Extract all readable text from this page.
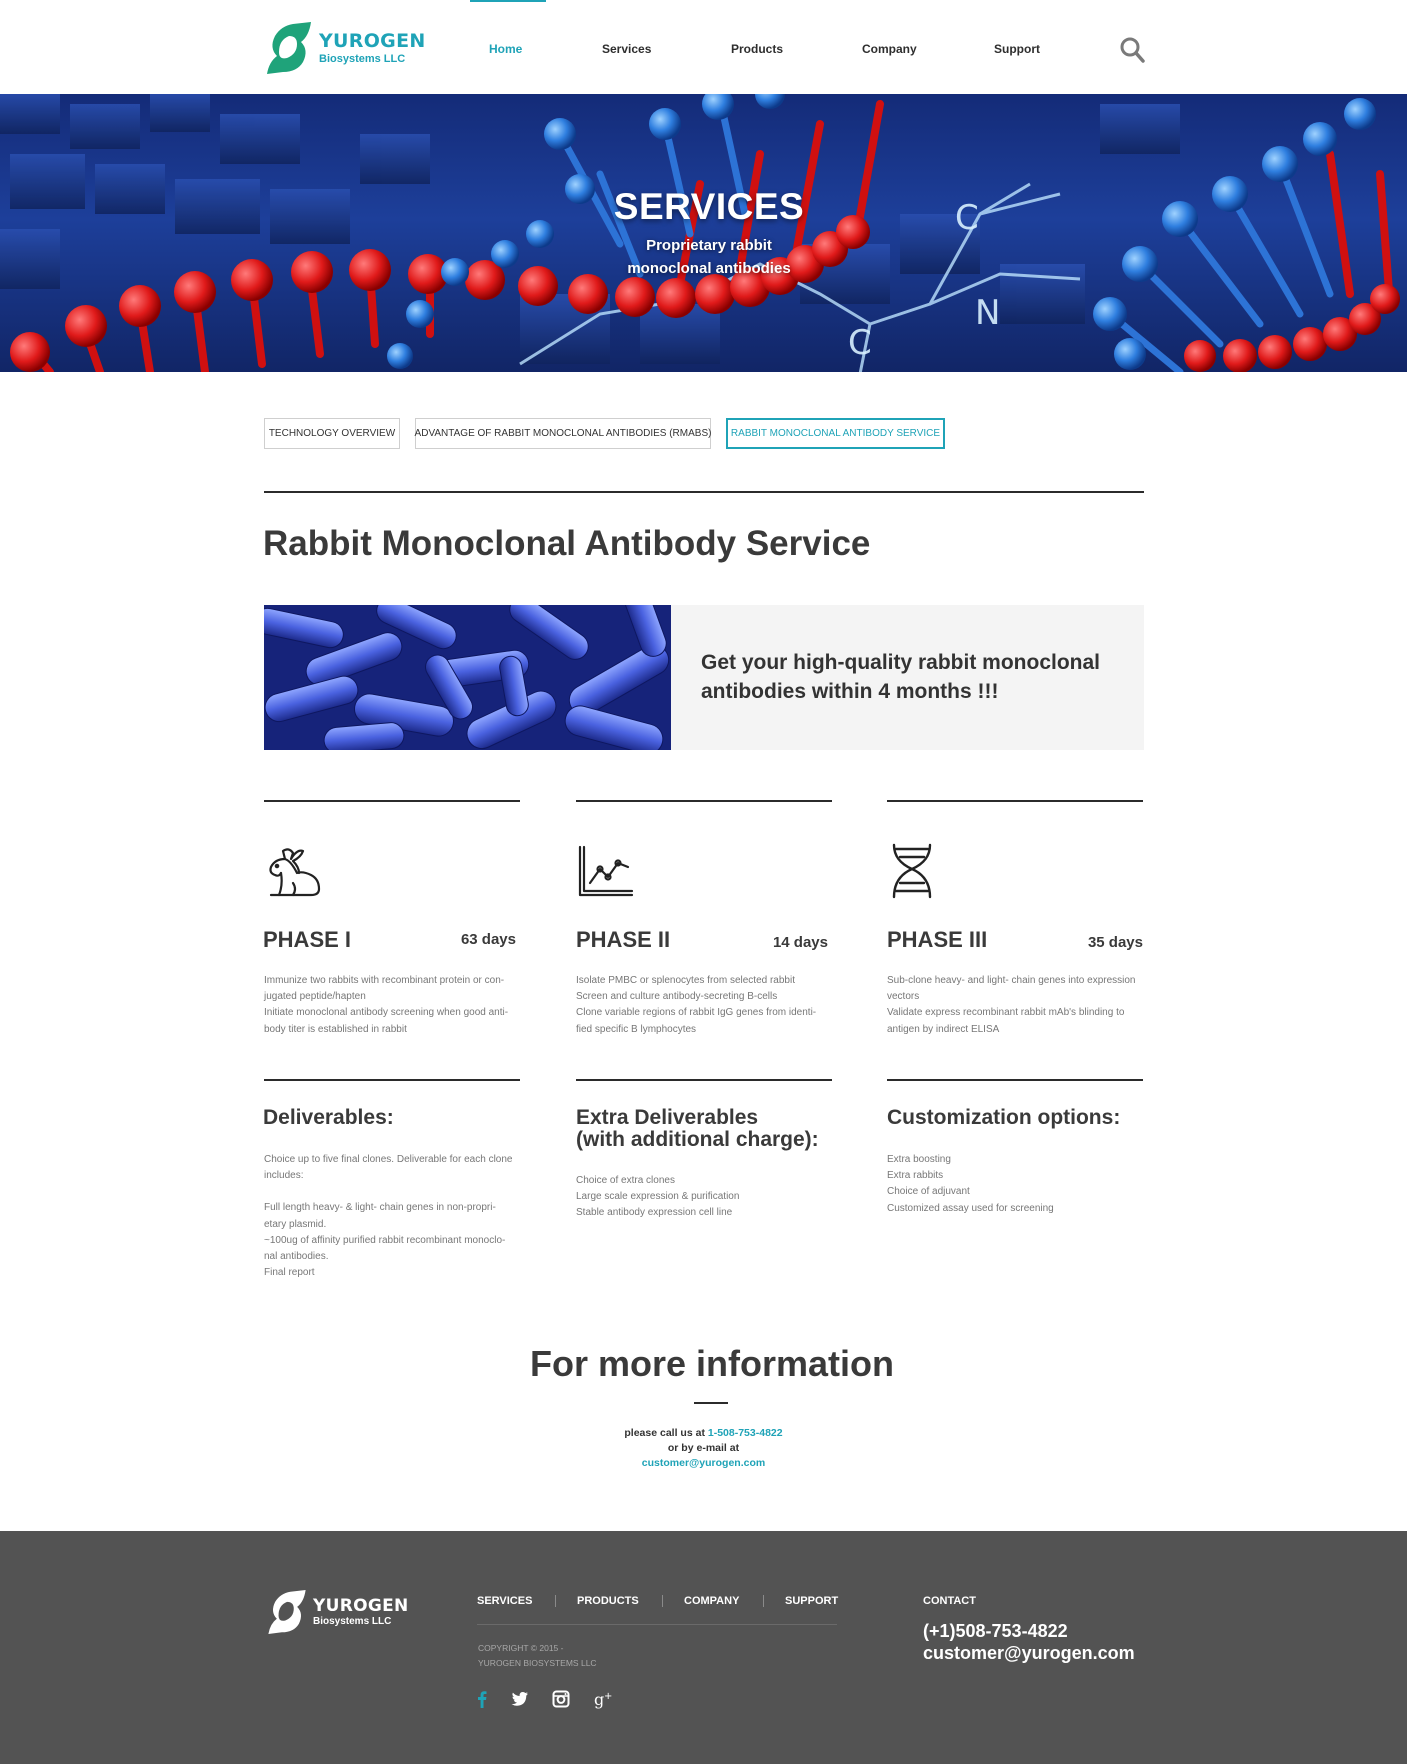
YUROGEN
Biosystems LLC
Home	Services	Products	Company	Support
C
N
C
SERVICES
Proprietary rabbit
monoclonal antibodies
TECHNOLOGY OVERVIEW	ADVANTAGE OF RABBIT MONOCLONAL ANTIBODIES (RMABS)	RABBIT MONOCLONAL ANTIBODY SERVICE
Rabbit Monoclonal Antibody Service
Get your high-quality rabbit monoclonal antibodies within 4 months !!!
PHASE I	63 days	PHASE II	14 days	PHASE III	35 days

Immunize two rabbits with recombinant protein or con-

jugated peptide/hapten

Initiate monoclonal antibody screening when good anti-

body titer is established in rabbit

Isolate PMBC or splenocytes from selected rabbit

Screen and culture antibody-secreting B-cells

Clone variable regions of rabbit IgG genes from identi-

fied specific B lymphocytes

Sub-clone heavy- and light- chain genes into expression

vectors

Validate express recombinant rabbit mAb's blinding to

antigen by indirect ELISA

Deliverables:	Extra Deliverables
(with additional charge):
Customization options:

Choice up to five final clones. Deliverable for each clone

includes:

Full length heavy- & light- chain genes in non-propri-

etary plasmid.

~100ug of affinity purified rabbit recombinant monoclo-

nal antibodies.

Final report

Choice of extra clones

Large scale expression & purification

Stable antibody expression cell line

Extra boosting

Extra rabbits

Choice of adjuvant

Customized assay used for screening

For more information
please call us at 1-508-753-4822
or by e-mail at
customer@yurogen.com
YUROGEN
Biosystems LLC
SERVICES	PRODUCTS	COMPANY	SUPPORT
COPYRIGHT © 2015 -
YUROGEN BIOSYSTEMS LLC
g +
CONTACT
(+1)508-753-4822
customer@yurogen.com
